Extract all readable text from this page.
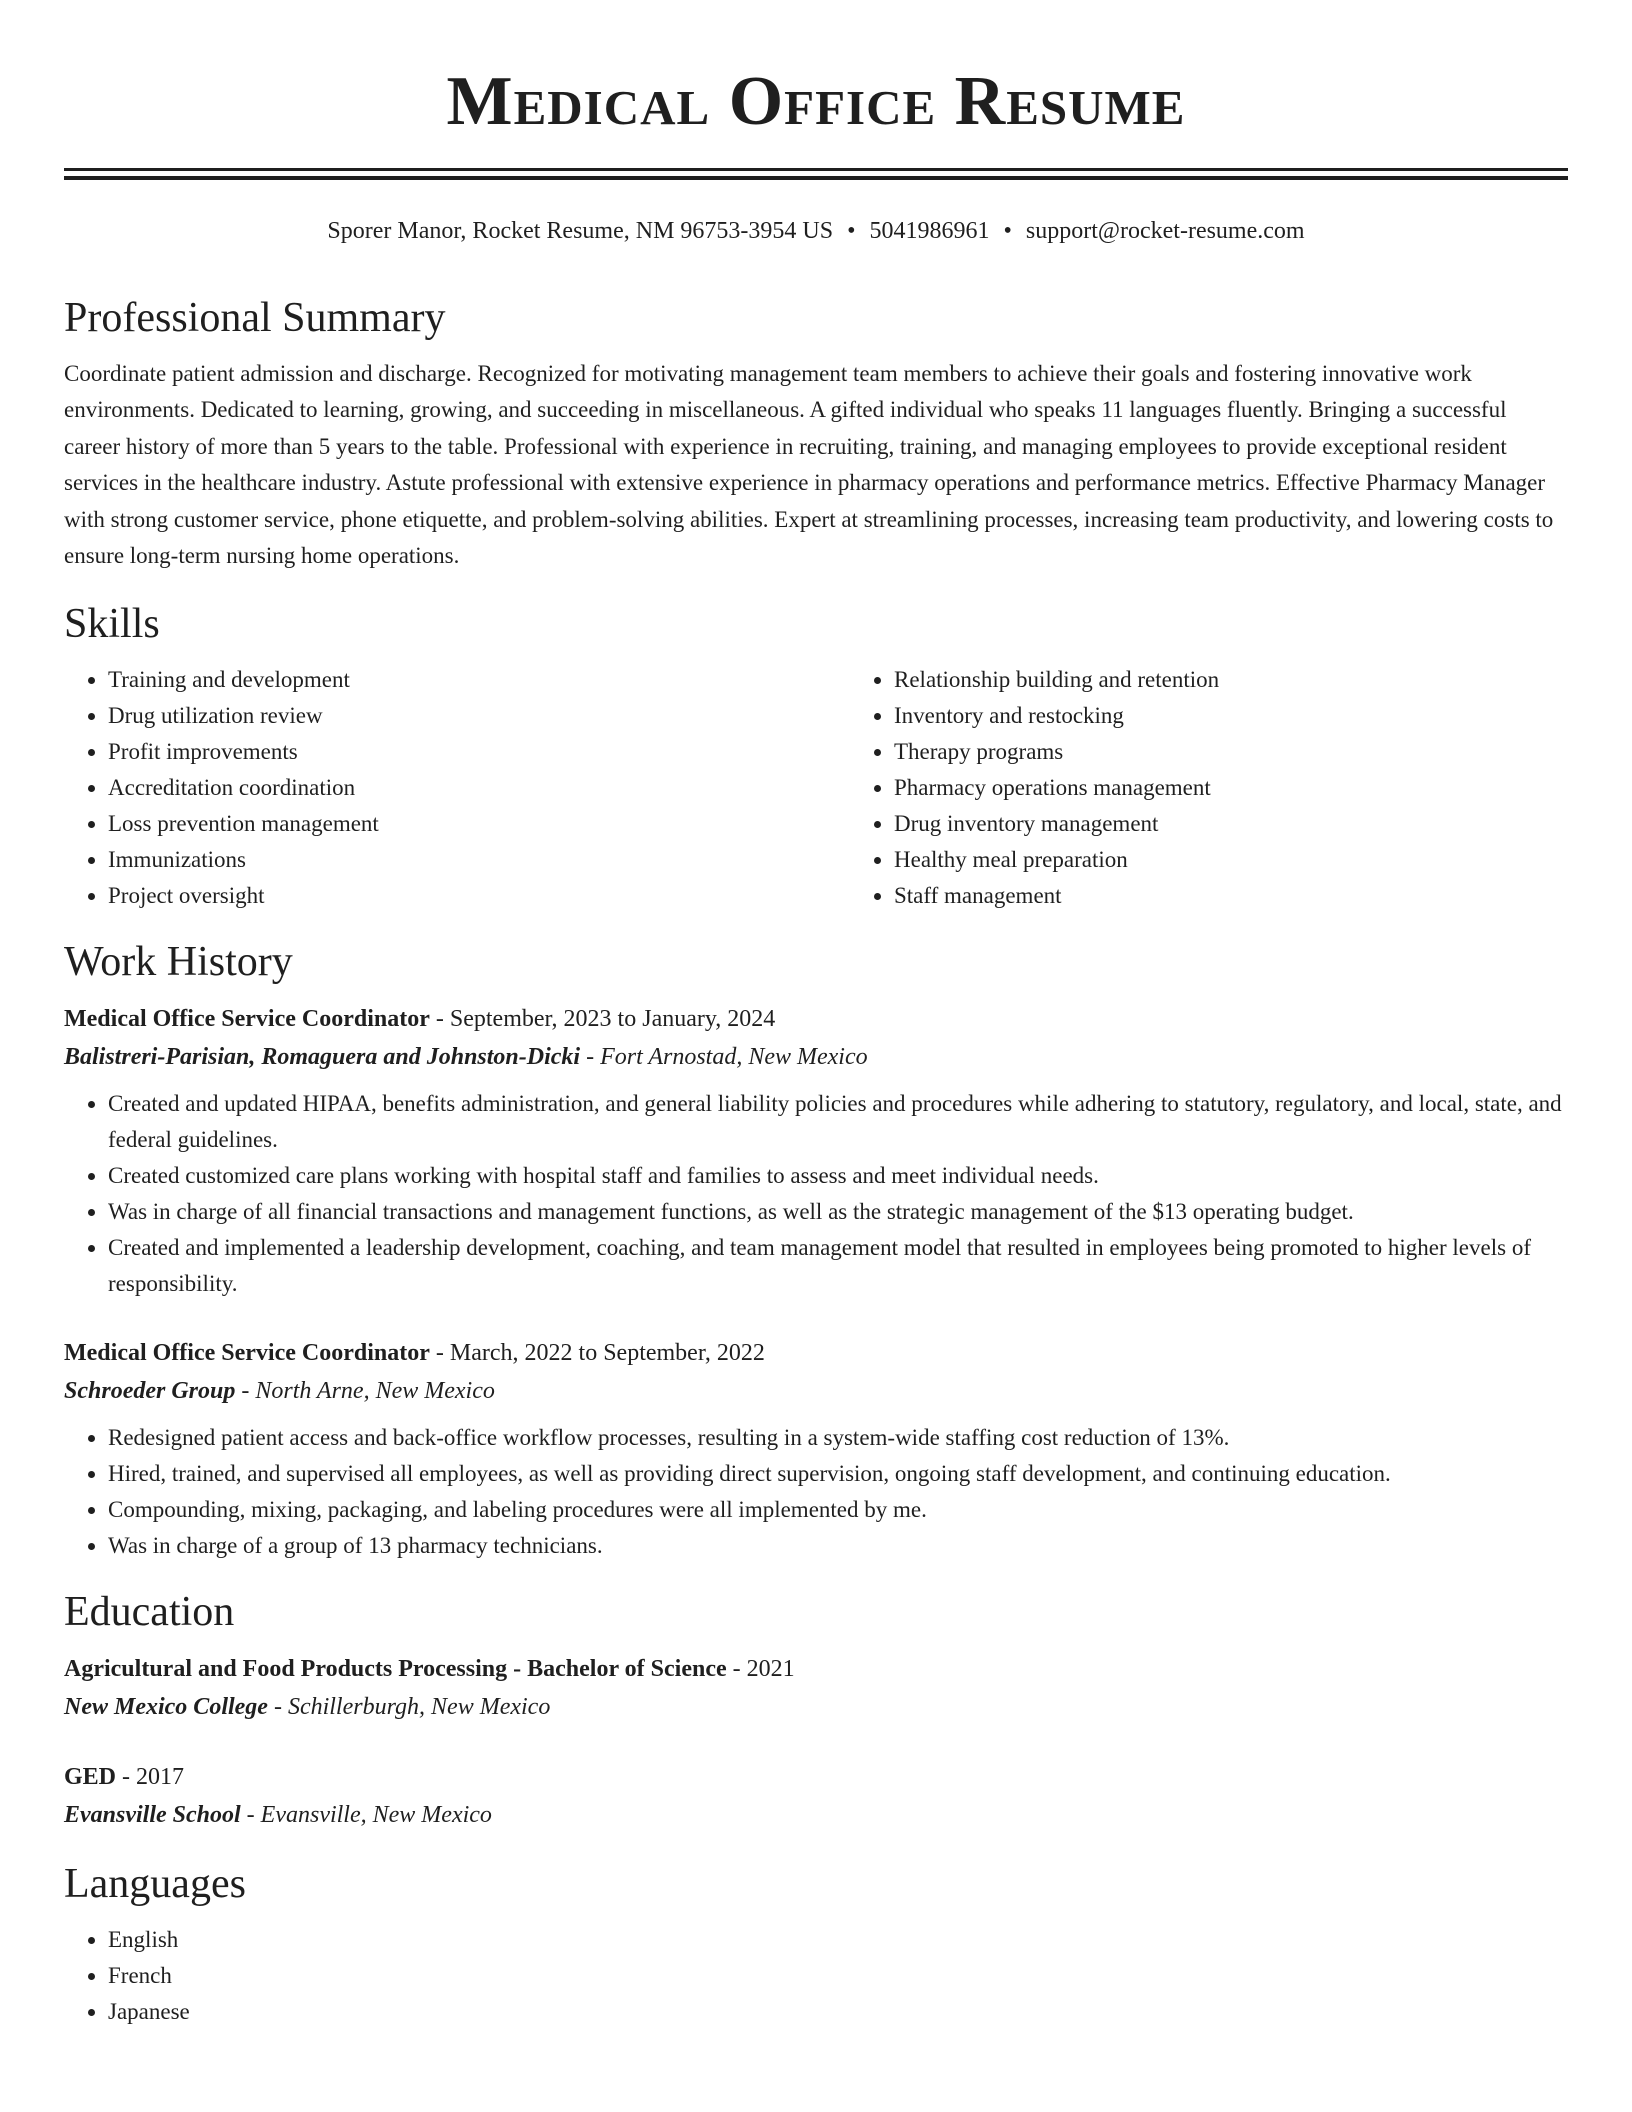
Medical Office Resume
Sporer Manor, Rocket Resume, NM 96753-3954 US • 5041986961 • support@rocket-resume.com
Professional Summary

Coordinate patient admission and discharge. Recognized for motivating management team members to achieve their goals and fostering innovative work environments. Dedicated to learning, growing, and succeeding in miscellaneous. A gifted individual who speaks 11 languages fluently. Bringing a successful career history of more than 5 years to the table. Professional with experience in recruiting, training, and managing employees to provide exceptional resident services in the healthcare industry. Astute professional with extensive experience in pharmacy operations and performance metrics. Effective Pharmacy Manager with strong customer service, phone etiquette, and problem-solving abilities. Expert at streamlining processes, increasing team productivity, and lowering costs to ensure long-term nursing home operations.

Skills
• Training and development
• Drug utilization review
• Profit improvements
• Accreditation coordination
• Loss prevention management
• Immunizations
• Project oversight
• Relationship building and retention
• Inventory and restocking
• Therapy programs
• Pharmacy operations management
• Drug inventory management
• Healthy meal preparation
• Staff management
Work History

Medical Office Service Coordinator - September, 2023 to January, 2024

Balistreri-Parisian, Romaguera and Johnston-Dicki - Fort Arnostad, New Mexico

• Created and updated HIPAA, benefits administration, and general liability policies and procedures while adhering to statutory, regulatory, and local, state, and federal guidelines.
• Created customized care plans working with hospital staff and families to assess and meet individual needs.
• Was in charge of all financial transactions and management functions, as well as the strategic management of the $13 operating budget.
• Created and implemented a leadership development, coaching, and team management model that resulted in employees being promoted to higher levels of responsibility.

Medical Office Service Coordinator - March, 2022 to September, 2022

Schroeder Group - North Arne, New Mexico

• Redesigned patient access and back-office workflow processes, resulting in a system-wide staffing cost reduction of 13%.
• Hired, trained, and supervised all employees, as well as providing direct supervision, ongoing staff development, and continuing education.
• Compounding, mixing, packaging, and labeling procedures were all implemented by me.
• Was in charge of a group of 13 pharmacy technicians.
Education

Agricultural and Food Products Processing - Bachelor of Science - 2021

New Mexico College - Schillerburgh, New Mexico

GED - 2017

Evansville School - Evansville, New Mexico

Languages
• English
• French
• Japanese
